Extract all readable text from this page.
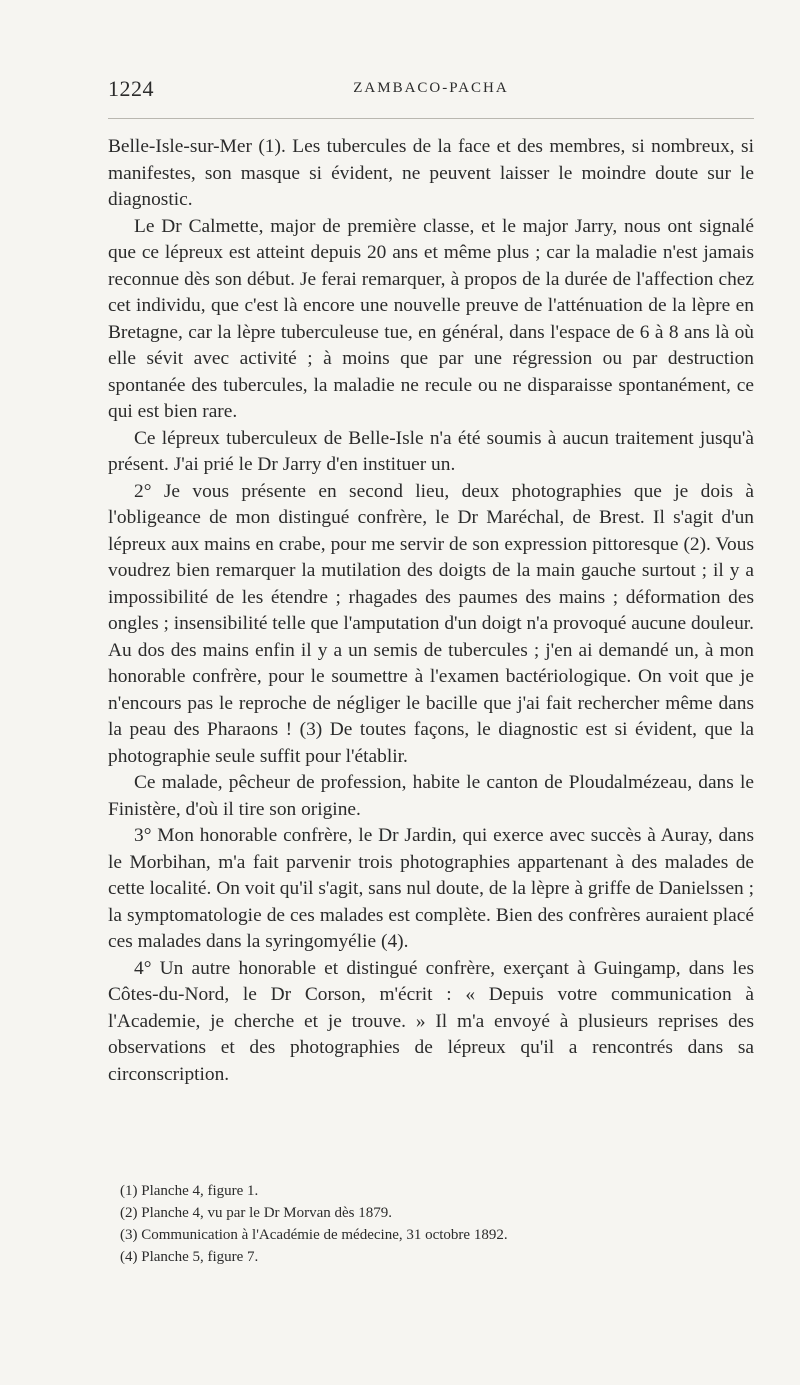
1224	ZAMBACO-PACHA

Belle-Isle-sur-Mer (1). Les tubercules de la face et des membres, si nombreux, si manifestes, son masque si évident, ne peuvent laisser le moindre doute sur le diagnostic.

Le Dr Calmette, major de première classe, et le major Jarry, nous ont signalé que ce lépreux est atteint depuis 20 ans et même plus ; car la maladie n'est jamais reconnue dès son début. Je ferai remarquer, à propos de la durée de l'affection chez cet individu, que c'est là encore une nouvelle preuve de l'atténuation de la lèpre en Bretagne, car la lèpre tuberculeuse tue, en général, dans l'espace de 6 à 8 ans là où elle sévit avec activité ; à moins que par une régression ou par destruction spontanée des tubercules, la maladie ne recule ou ne disparaisse spontanément, ce qui est bien rare.

Ce lépreux tuberculeux de Belle-Isle n'a été soumis à aucun traitement jusqu'à présent. J'ai prié le Dr Jarry d'en instituer un.

2° Je vous présente en second lieu, deux photographies que je dois à l'obligeance de mon distingué confrère, le Dr Maréchal, de Brest. Il s'agit d'un lépreux aux mains en crabe, pour me servir de son expression pittoresque (2). Vous voudrez bien remarquer la mutilation des doigts de la main gauche surtout ; il y a impossibilité de les étendre ; rhagades des paumes des mains ; déformation des ongles ; insensibilité telle que l'amputation d'un doigt n'a provoqué aucune douleur. Au dos des mains enfin il y a un semis de tubercules ; j'en ai demandé un, à mon honorable confrère, pour le soumettre à l'examen bactériologique. On voit que je n'encours pas le reproche de négliger le bacille que j'ai fait rechercher même dans la peau des Pharaons ! (3) De toutes façons, le diagnostic est si évident, que la photographie seule suffit pour l'établir.

Ce malade, pêcheur de profession, habite le canton de Ploudalmézeau, dans le Finistère, d'où il tire son origine.

3° Mon honorable confrère, le Dr Jardin, qui exerce avec succès à Auray, dans le Morbihan, m'a fait parvenir trois photographies appartenant à des malades de cette localité. On voit qu'il s'agit, sans nul doute, de la lèpre à griffe de Danielssen ; la symptomatologie de ces malades est complète. Bien des confrères auraient placé ces malades dans la syringomyélie (4).

4° Un autre honorable et distingué confrère, exerçant à Guingamp, dans les Côtes-du-Nord, le Dr Corson, m'écrit : « Depuis votre communication à l'Academie, je cherche et je trouve. » Il m'a envoyé à plusieurs reprises des observations et des photographies de lépreux qu'il a rencontrés dans sa circonscription.

(1) Planche 4, figure 1.

(2) Planche 4, vu par le Dr Morvan dès 1879.

(3) Communication à l'Académie de médecine, 31 octobre 1892.

(4) Planche 5, figure 7.
